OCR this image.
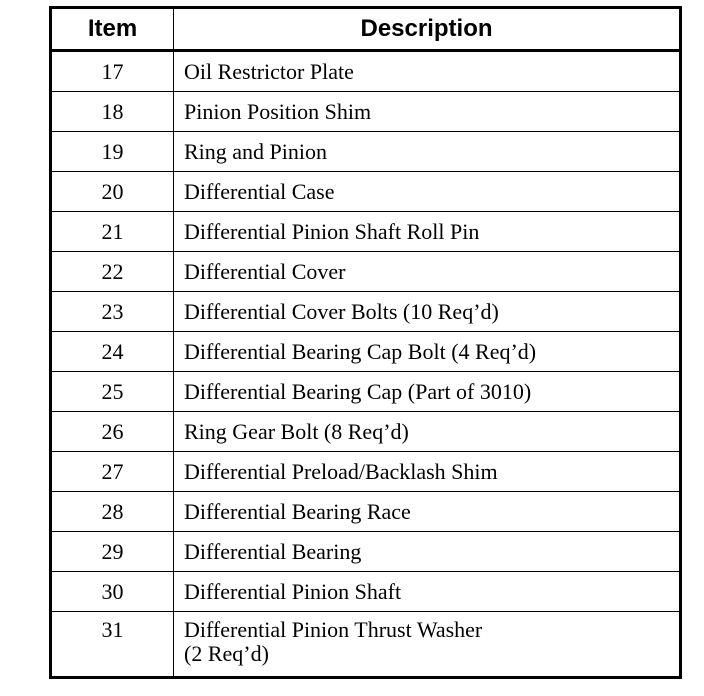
Item	Description
17	Oil Restrictor Plate
18	Pinion Position Shim
19	Ring and Pinion
20	Differential Case
21	Differential Pinion Shaft Roll Pin
22	Differential Cover
23	Differential Cover Bolts (10 Req’d)
24	Differential Bearing Cap Bolt (4 Req’d)
25	Differential Bearing Cap (Part of 3010)
26	Ring Gear Bolt (8 Req’d)
27	Differential Preload/Backlash Shim
28	Differential Bearing Race
29	Differential Bearing
30	Differential Pinion Shaft
31	Differential Pinion Thrust Washer
(2 Req’d)
